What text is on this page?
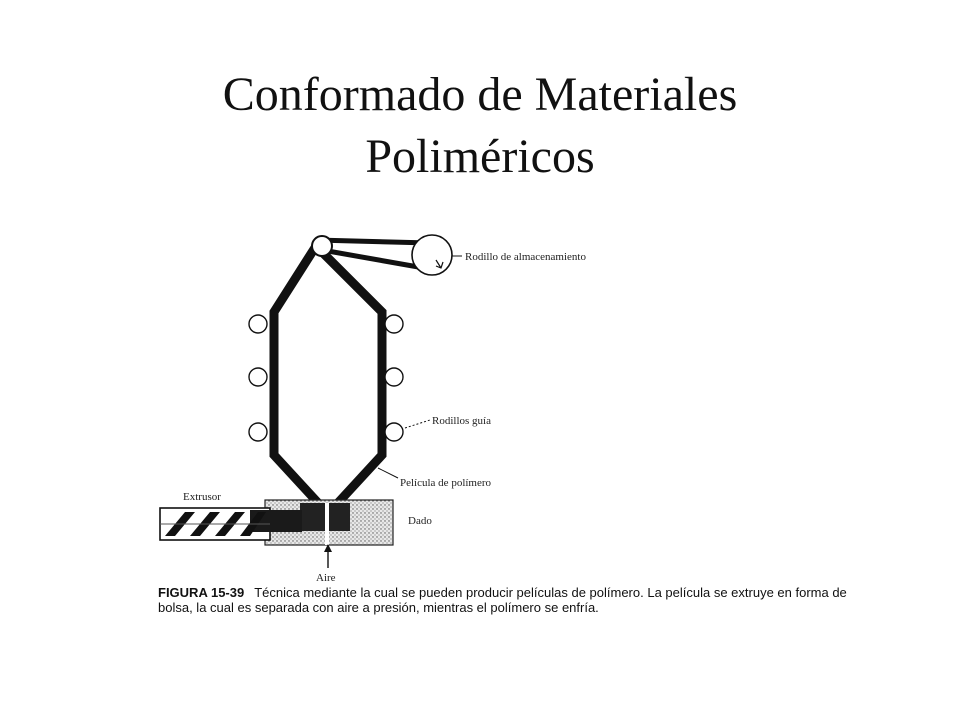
Conformado de Materiales
Poliméricos
Rodillo de almacenamiento
Rodillos guía
Película de polímero
Extrusor
Dado
Aire
FIGURA 15-39 Técnica mediante la cual se pueden producir películas de polímero. La película se extruye en forma de bolsa, la cual es separada con aire a presión, mientras el polímero se enfría.
